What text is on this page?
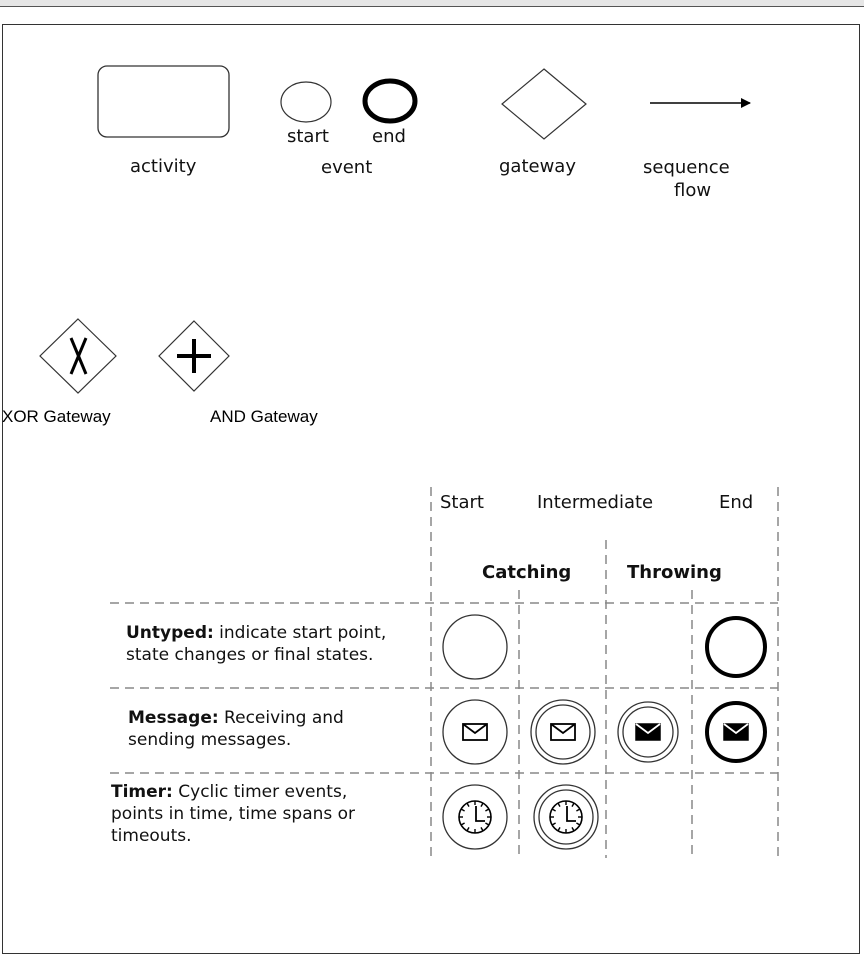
activity
start end
event	gateway	sequence
flow
XOR Gateway	AND Gateway
Start	Intermediate	End
Catching	Throwing
Untyped: indicate start point,
state changes or final states.
Message: Receiving and
sending messages.
Timer: Cyclic timer events,
points in time, time spans or
timeouts.
